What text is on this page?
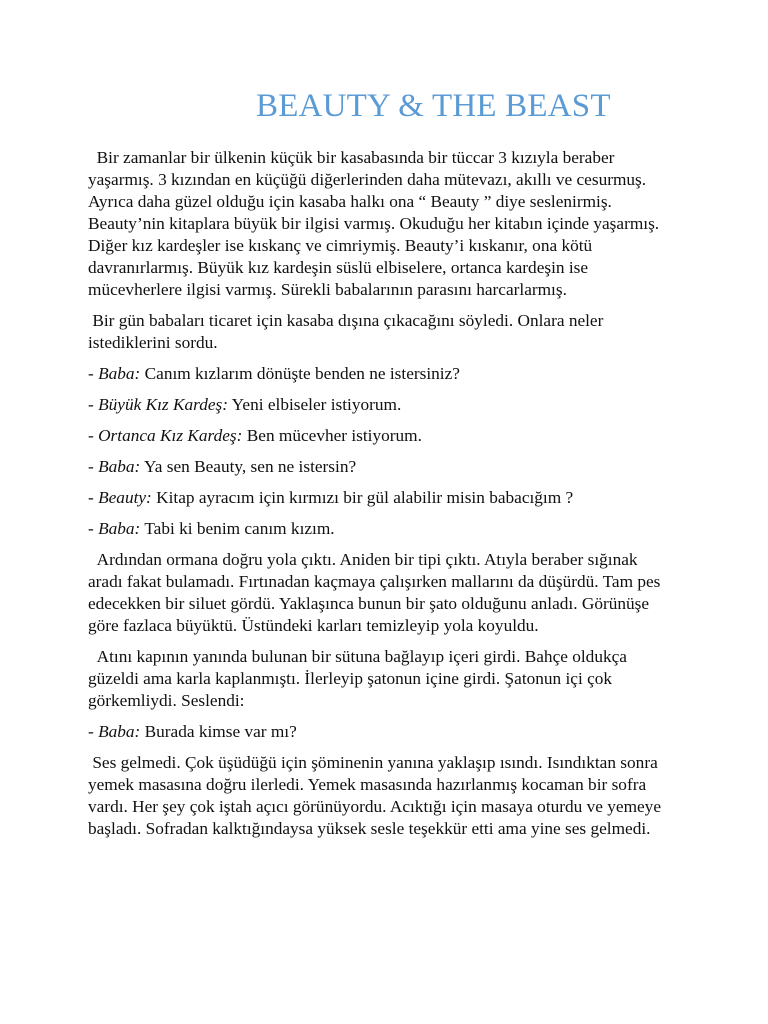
BEAUTY & THE BEAST

Bir zamanlar bir ülkenin küçük bir kasabasında bir tüccar 3 kızıyla beraber yaşarmış. 3 kızından en küçüğü diğerlerinden daha mütevazı, akıllı ve cesurmuş. Ayrıca daha güzel olduğu için kasaba halkı ona “ Beauty ” diye seslenirmiş. Beauty’nin kitaplara büyük bir ilgisi varmış. Okuduğu her kitabın içinde yaşarmış. Diğer kız kardeşler ise kıskanç ve cimriymiş. Beauty’i kıskanır, ona kötü davranırlarmış. Büyük kız kardeşin süslü elbiselere, ortanca kardeşin ise mücevherlere ilgisi varmış. Sürekli babalarının parasını harcarlarmış.

Bir gün babaları ticaret için kasaba dışına çıkacağını söyledi. Onlara neler istediklerini sordu.

- Baba: Canım kızlarım dönüşte benden ne istersiniz?

- Büyük Kız Kardeş: Yeni elbiseler istiyorum.

- Ortanca Kız Kardeş: Ben mücevher istiyorum.

- Baba: Ya sen Beauty, sen ne istersin?

- Beauty: Kitap ayracım için kırmızı bir gül alabilir misin babacığım ?

- Baba: Tabi ki benim canım kızım.

Ardından ormana doğru yola çıktı. Aniden bir tipi çıktı. Atıyla beraber sığınak aradı fakat bulamadı. Fırtınadan kaçmaya çalışırken mallarını da düşürdü. Tam pes edecekken bir siluet gördü. Yaklaşınca bunun bir şato olduğunu anladı. Görünüşe göre fazlaca büyüktü. Üstündeki karları temizleyip yola koyuldu.

Atını kapının yanında bulunan bir sütuna bağlayıp içeri girdi. Bahçe oldukça güzeldi ama karla kaplanmıştı. İlerleyip şatonun içine girdi. Şatonun içi çok görkemliydi. Seslendi:

- Baba: Burada kimse var mı?

Ses gelmedi. Çok üşüdüğü için şöminenin yanına yaklaşıp ısındı. Isındıktan sonra yemek masasına doğru ilerledi. Yemek masasında hazırlanmış kocaman bir sofra vardı. Her şey çok iştah açıcı görünüyordu. Acıktığı için masaya oturdu ve yemeye başladı. Sofradan kalktığındaysa yüksek sesle teşekkür etti ama yine ses gelmedi.
